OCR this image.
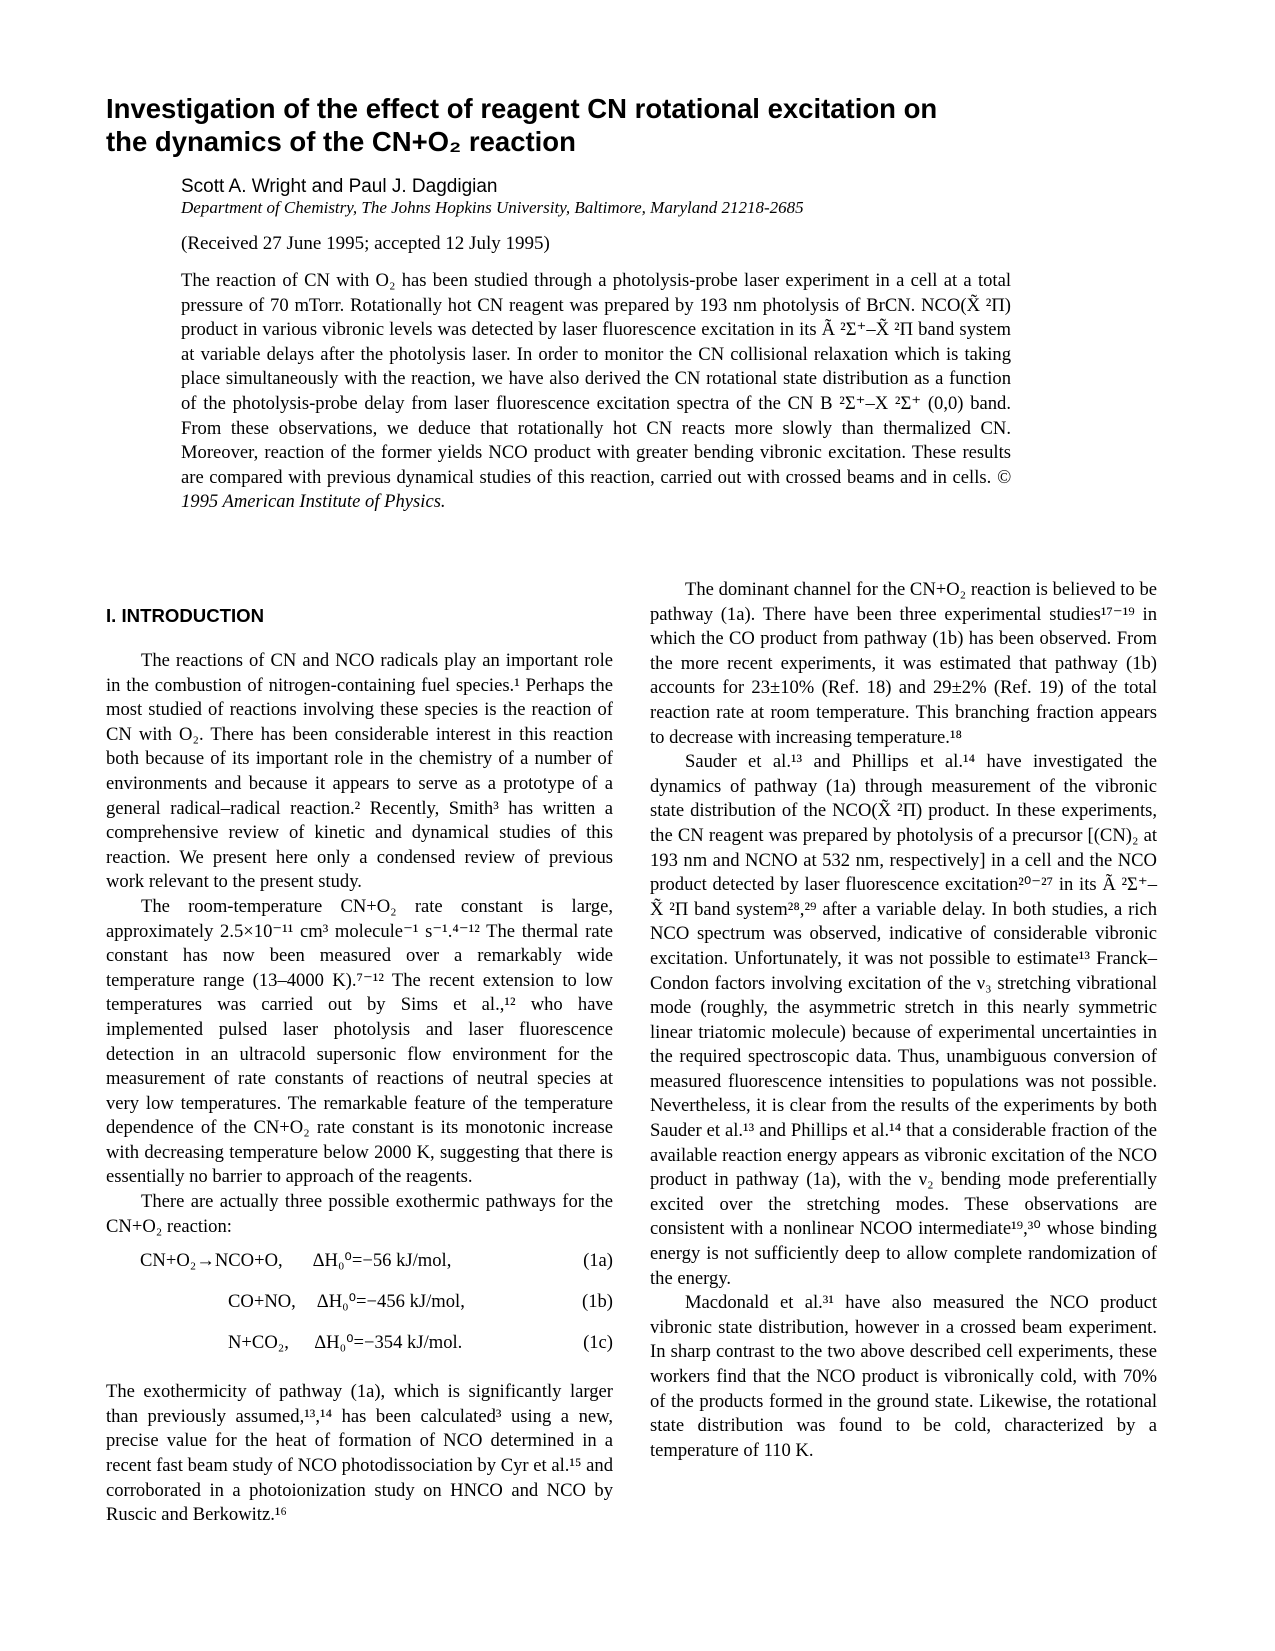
Investigation of the effect of reagent CN rotational excitation on
the dynamics of the CN+O₂ reaction
Scott A. Wright and Paul J. Dagdigian
Department of Chemistry, The Johns Hopkins University, Baltimore, Maryland 21218-2685
(Received 27 June 1995; accepted 12 July 1995)

The reaction of CN with O₂ has been studied through a photolysis-probe laser experiment in a cell at a total pressure of 70 mTorr. Rotationally hot CN reagent was prepared by 193 nm photolysis of BrCN. NCO(X̃ ²Π) product in various vibronic levels was detected by laser fluorescence excitation in its Ã ²Σ⁺–X̃ ²Π band system at variable delays after the photolysis laser. In order to monitor the CN collisional relaxation which is taking place simultaneously with the reaction, we have also derived the CN rotational state distribution as a function of the photolysis-probe delay from laser fluorescence excitation spectra of the CN B ²Σ⁺–X ²Σ⁺ (0,0) band. From these observations, we deduce that rotationally hot CN reacts more slowly than thermalized CN. Moreover, reaction of the former yields NCO product with greater bending vibronic excitation. These results are compared with previous dynamical studies of this reaction, carried out with crossed beams and in cells. © 1995 American Institute of Physics.

I. INTRODUCTION

The reactions of CN and NCO radicals play an important role in the combustion of nitrogen-containing fuel species.¹ Perhaps the most studied of reactions involving these species is the reaction of CN with O₂. There has been considerable interest in this reaction both because of its important role in the chemistry of a number of environments and because it appears to serve as a prototype of a general radical–radical reaction.² Recently, Smith³ has written a comprehensive review of kinetic and dynamical studies of this reaction. We present here only a condensed review of previous work relevant to the present study.

The room-temperature CN+O₂ rate constant is large, approximately 2.5×10⁻¹¹ cm³ molecule⁻¹ s⁻¹.⁴⁻¹² The thermal rate constant has now been measured over a remarkably wide temperature range (13–4000 K).⁷⁻¹² The recent extension to low temperatures was carried out by Sims et al.,¹² who have implemented pulsed laser photolysis and laser fluorescence detection in an ultracold supersonic flow environment for the measurement of rate constants of reactions of neutral species at very low temperatures. The remarkable feature of the temperature dependence of the CN+O₂ rate constant is its monotonic increase with decreasing temperature below 2000 K, suggesting that there is essentially no barrier to approach of the reagents.

There are actually three possible exothermic pathways for the CN+O₂ reaction:

CN+O₂→NCO+O,	ΔH₀⁰=−56 kJ/mol,	(1a)
CO+NO,	ΔH₀⁰=−456 kJ/mol,	(1b)
N+CO₂,	ΔH₀⁰=−354 kJ/mol.	(1c)

The exothermicity of pathway (1a), which is significantly larger than previously assumed,¹³,¹⁴ has been calculated³ using a new, precise value for the heat of formation of NCO determined in a recent fast beam study of NCO photodissociation by Cyr et al.¹⁵ and corroborated in a photoionization study on HNCO and NCO by Ruscic and Berkowitz.¹⁶

The dominant channel for the CN+O₂ reaction is believed to be pathway (1a). There have been three experimental studies¹⁷⁻¹⁹ in which the CO product from pathway (1b) has been observed. From the more recent experiments, it was estimated that pathway (1b) accounts for 23±10% (Ref. 18) and 29±2% (Ref. 19) of the total reaction rate at room temperature. This branching fraction appears to decrease with increasing temperature.¹⁸

Sauder et al.¹³ and Phillips et al.¹⁴ have investigated the dynamics of pathway (1a) through measurement of the vibronic state distribution of the NCO(X̃ ²Π) product. In these experiments, the CN reagent was prepared by photolysis of a precursor [(CN)₂ at 193 nm and NCNO at 532 nm, respectively] in a cell and the NCO product detected by laser fluorescence excitation²⁰⁻²⁷ in its Ã ²Σ⁺–X̃ ²Π band system²⁸,²⁹ after a variable delay. In both studies, a rich NCO spectrum was observed, indicative of considerable vibronic excitation. Unfortunately, it was not possible to estimate¹³ Franck–Condon factors involving excitation of the ν₃ stretching vibrational mode (roughly, the asymmetric stretch in this nearly symmetric linear triatomic molecule) because of experimental uncertainties in the required spectroscopic data. Thus, unambiguous conversion of measured fluorescence intensities to populations was not possible. Nevertheless, it is clear from the results of the experiments by both Sauder et al.¹³ and Phillips et al.¹⁴ that a considerable fraction of the available reaction energy appears as vibronic excitation of the NCO product in pathway (1a), with the ν₂ bending mode preferentially excited over the stretching modes. These observations are consistent with a nonlinear NCOO intermediate¹⁹,³⁰ whose binding energy is not sufficiently deep to allow complete randomization of the energy.

Macdonald et al.³¹ have also measured the NCO product vibronic state distribution, however in a crossed beam experiment. In sharp contrast to the two above described cell experiments, these workers find that the NCO product is vibronically cold, with 70% of the products formed in the ground state. Likewise, the rotational state distribution was found to be cold, characterized by a temperature of 110 K.
